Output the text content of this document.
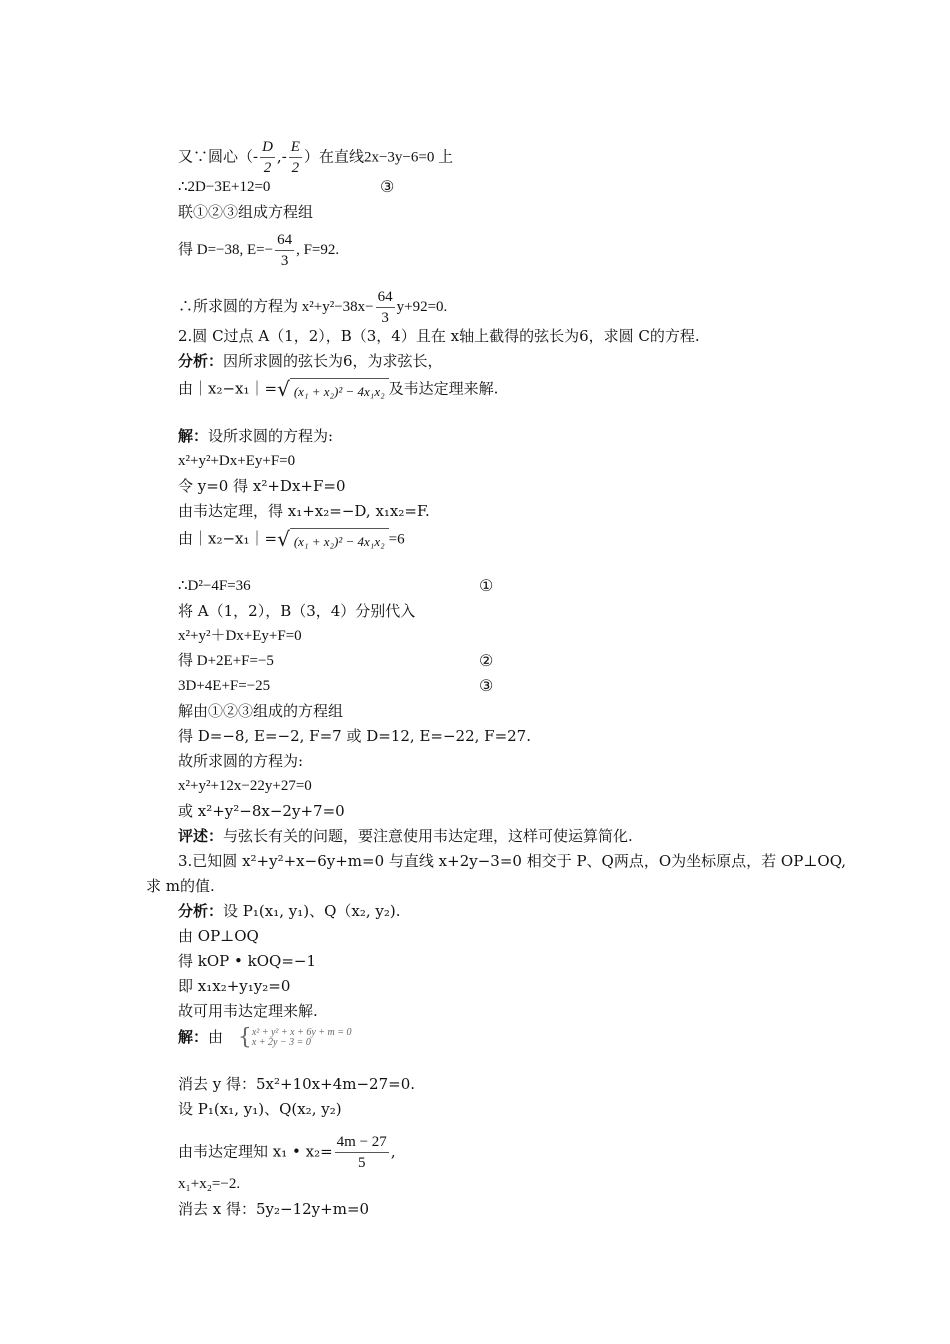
又∵圆心（- $\frac{D}{2}$ ,- $\frac{E}{2}$ ）在直线2x−3y−6=0 上
∴2D−3E+12=0	③
联①②③组成方程组
得 D=−38, $E=- \frac{64}{3}$ , F=92.
∴所求圆的方程为 $x^2+y^2-38x- \frac{64}{3} y+92=0$.
2.圆 C过点 A（1，2），B（3，4）且在 x轴上截得的弦长为6，求圆 C的方程.
分析：因所求圆的弦长为6，为求弦长，
由｜x₂−x₁｜=√ (x₁ + x₂)² − 4x₁x₂ 及韦达定理来解.
解：设所求圆的方程为:
x²+y²+Dx+Ey+F=0
令 y=0 得 x²+Dx+F=0
由韦达定理，得 x₁+x₂=−D, x₁x₂=F.
由｜x₂−x₁｜=√ (x₁ + x₂)² − 4x₁x₂ =6
∴D²−4F=36	①
将 A（1，2），B（3，4）分别代入
x²+y²＋Dx+Ey+F=0
得 D+2E+F=−5	②
3D+4E+F=−25	③
解由①②③组成的方程组
得 D=−8, E=−2, F=7 或 D=12, E=−22, F=27.
故所求圆的方程为:
x²+y²+12x−22y+27=0
或 x²+y²−8x−2y+7=0
评述：与弦长有关的问题，要注意使用韦达定理，这样可使运算简化.
3.已知圆 x²+y²+x−6y+m=0 与直线 x+2y−3=0 相交于 P、Q两点，O为坐标原点，若 OP⊥OQ,
求 m的值.
分析：设 P₁(x₁, y₁)、Q（x₂, y₂).
由 OP⊥OQ
得 kOP • kOQ=−1
即 x₁x₂+y₁y₂=0
故可用韦达定理来解.
解：由 { x² + y² + x + 6y + m = 0
x + 2y − 3 = 0
消去 y 得：5x²+10x+4m−27=0.
设 P₁(x₁, y₁)、Q(x₂, y₂)
由韦达定理知 x₁ • $x_2= \frac{4m - 27}{5}$ ,
x₁+x₂=−2.
消去 x 得：5y₂−12y+m=0
